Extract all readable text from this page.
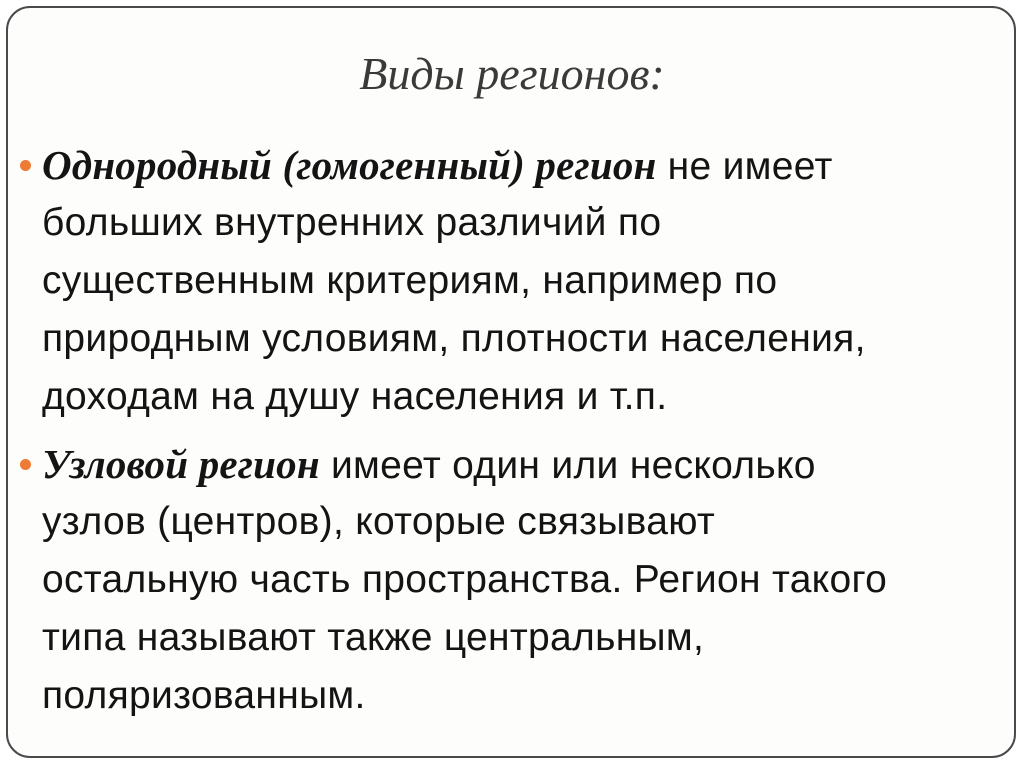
Виды регионов:
Однородный (гомогенный) регион не имеет
больших внутренних различий по
существенным критериям, например по
природным условиям, плотности населения,
доходам на душу населения и т.п.
Узловой регион имеет один или несколько
узлов (центров), которые связывают
остальную часть пространства. Регион такого
типа называют также центральным,
поляризованным.
